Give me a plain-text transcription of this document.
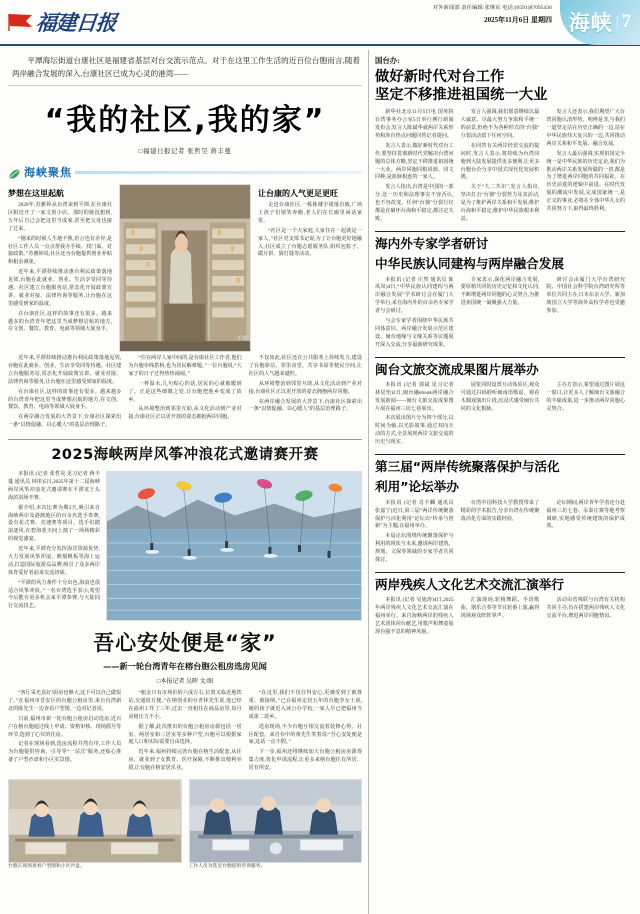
福建日报
对外新闻部 责任编辑:张继东 电话:(0591)87095436
2025年11月6日 星期四 海峡 | 7

平潭海坛街道台康社区是福建省基层对台交流示范点。对于在这里工作生活的近百位台胞而言,随着两岸融合发展的深入,台康社区已成为心灵的港湾——

“我的社区,我的家”
□福建日报记者 张哲昊 蒋丰蔓
海峡聚焦
梦想在这里起航

2020年,苏雅婷从台湾来到平潭,在台康社区附近开了一家文创小店。那时的她没想到,五年后自己会把这里当成家,甚至把父母也接了过来。

“刚来的时候人生地不熟,语言也有差异,是社区工作人员一点点帮我办手续、找门面、对接政策。”苏雅婷说,社区还为台胞提供创业补贴和租金减免。

近年来,平潭持续推动惠台利民政策落地见效,台胞在此就业、创业、生活享受同等待遇。社区建立台胞服务站,常态化开展政策宣讲、就业对接、法律咨询等服务,让台胞在这里感受到家的温度。

在台康社区,这样的故事还有很多。越来越多的台湾青年把这里当成梦想启航的地方,在文创、餐饮、教育、电商等领域大展身手。

平潭
让台康的人气更足更旺

走进台康社区,一栋栋楼宇错落有致,广场上孩子们嬉笑奔跑,老人们在长廊里闲话家常。

“社区是一个大家庭,大家住在一起就是一家人。”社区党支部书记说,为了让台胞更好地融入,社区成立了台胞志愿服务队,组织包粽子、做月饼、猜灯谜等活动。

近年来,平潭持续推动惠台利民政策落地见效,台胞在此就业、创业、生活享受同等待遇。社区建立台胞服务站,常态化开展政策宣讲、就业对接、法律咨询等服务,让台胞在这里感受到家的温度。

在台康社区,这样的故事还有很多。越来越多的台湾青年把这里当成梦想启航的地方,在文创、餐饮、教育、电商等领域大展身手。

在两岸融合发展的大背景下,台康社区探索出一条“以情促融、以心暖人”的基层治理路子。

“住在两岸人家中间的,是台康社区工作者,他们为台胞牵线搭桥,也为居民解难题。”一位台胞说,“大家子的日子过得热热闹闹。”

一杯温水,几句贴心的话,居民的心就被暖到了。正是这些细微之处,让台胞把他乡变成了故乡。

从环境整治到邻里互助,从文化活动到产业对接,台康社区正以更开放的姿态拥抱两岸同胞。

不仅如此,社区还在公共服务上持续发力,建设了台胞驿站、邻里食堂、共享书屋等便民空间,让社区的人气越来越旺。

从环境整治到邻里互助,从文化活动到产业对接,台康社区正以更开放的姿态拥抱两岸同胞。

在两岸融合发展的大背景下,台康社区探索出一条“以情促融、以心暖人”的基层治理路子。

2025海峡两岸风筝冲浪花式邀请赛开赛

本报讯 (记者 张哲昊 见习记者 蒋丰蔓 通讯员 林彤)5日,2025年第十二届海峡两岸风筝冲浪花式邀请赛在平潭龙王头海滨浴场开赛。

据介绍,本次比赛为期3天,吸引来自海峡两岸及港澳地区的百余名选手参赛,设有花式赛、竞速赛等项目。选手们踏浪逐风,在碧海蓝天间上演了一场场精彩的视觉盛宴。

近年来,平潭充分发挥海洋资源优势,大力发展风筝冲浪、帆船帆板等海上运动,打造国际旅游岛品牌,吸引了众多两岸体育爱好者前来交流切磋。

“平潭的风力条件十分出色,海浪也很适合风筝冲浪。”一名台湾选手表示,希望今后能有更多机会来平潭参赛,与大陆同行交流技艺。

吾心安处便是“家”
——新一轮台湾青年在榕台胞公租房选房见闻
□本报记者 吴晖 文/图

“客厅采光真好!厨房也够大,这下可以自己做饭了。”在福州市晋安区的台胞公租房里,来自台湾新北的陈先生一边查看户型图,一边对记者说。

日前,福州市新一轮台胞公租房启动选房,近百户在榕台胞通过线上申请、资格审核、现场摇号等环节,选到了心仪的住房。

记者在现场看到,选房流程井然有序,工作人员为台胞提供咨询、引导等“一站式”服务,还贴心准备了户型沙盘和小区实景图。

“租金只有市场价的六成左右,位置又临近地铁站,交通很方便。”在榕创业的台青林先生说,他已经在福州工作了三年,过去一直租住在商品房里,每月房租压力不小。

据了解,此次推出的台胞公租房房源包括一居室、两居室和三居室等多种户型,台胞可以根据家庭人口和实际需要自由选择。

近年来,福州持续完善台胞在榕生活配套,从住房、就业到子女教育、医疗保障,不断推出便利举措,让台胞在榕安居乐业。

“在这里,我们不仅住得安心,更感受到了被尊重、被接纳。”已在福州定居五年的台胞李女士说,她的孩子就近入读公办学校,一家人早已把福州当成第二故乡。

选房现场,不少台胞互相交流着装修心得、社区配套。来自台中的黄先生笑着说:“吾心安处便是家,这话一点不假。”

下一步,福州还将继续加大台胞公租房房源筹集力度,优化申请流程,让更多来榕台胞住有所居、居有所安。

台胞在现场查看户型图和小区沙盘。	工作人员为选房台胞提供咨询服务。
国台办:
做好新时代对台工作
坚定不移推进祖国统一大业

新华社北京11月5日电 国务院台湾事务办公室5日举行例行新闻发布会,发言人陈斌华就两岸关系形势和涉台热点问题回答记者提问。

发言人表示,做好新时代对台工作,要坚持贯彻新时代党解决台湾问题的总体方略,坚定不移推进祖国统一大业。两岸同胞同根同源、同文同种,是血脉相连的一家人。

发言人指出,台湾是中国的一部分,这一历史和法理事实不容否认,也不容改变。任何“台独”分裂行径都是在破坏台海和平稳定,都注定失败。

发言人强调,我们愿意继续以最大诚意、尽最大努力争取和平统一的前景,但绝不为各种形式的“台独”分裂活动留下任何空间。

在回答有关两岸经贸交流的提问时,发言人表示,将持续为台湾同胞到大陆发展提供更多便利,让更多台胞台企分享中国式现代化发展机遇。

关于“九二共识”,发言人指出,坚决打击“台独”分裂势力及其活动,是为了维护两岸关系和平发展,维护台海和平稳定,维护中华民族根本利益。

发言人还表示,我们期望广大台湾同胞认清形势、明辨是非,与我们一道坚定站在历史正确的一边,站在中华民族伟大复兴的一边,共同推动两岸关系和平发展、融合发展。

发言人最后强调,实现祖国完全统一是中华民族的历史定论,我们为推动两岸关系发展所做的一切,都是为了增进两岸同胞的共同福祉。在历史前进的逻辑中前进、在时代发展的潮流中发展,完成国家统一,是正义的事业,必将在全体中华儿女的共同努力下,取得最终胜利。

海内外专家学者研讨
中华民族认同建构与两岸融合发展

本报讯 (记者 庄然 通讯员 陈凤凤)4日,“中华民族认同建构与两岸融合发展”学术研讨会在厦门大学举行,来自海内外的百余名专家学者与会研讨。

与会专家学者围绕中华民族共同体意识、两岸融合发展示范区建设、闽台地缘与文缘关系等议题展开深入交流,分享最新研究成果。

专家表示,深化两岸融合发展,要厚植共同的历史记忆和文化认同,不断增进两岸同胞的心灵契合,为推进祖国统一凝聚强大力量。

研讨会由厦门大学台湾研究院、中国社会科学院台湾研究所等单位共同主办,日本东京大学、新加坡国立大学等海外高校学者也受邀参加。

闽台文旅交流成果图片展举办

本报讯 (记者 郭斌 见习记者 林星怡)2日,闽台融ebook两岸融合发展新闻——闽台文旅交流成果图片展在福州三坊七巷展出。

本次展出图片分为四个部分,以时间为轴,以光影叙事,通过双向互动的方式,全景展现两岸文旅交流的历史与现实。

展览同时设置互动体验区,观众可通过扫码聆听闽南语歌谣、观看木偶戏演出片段,沉浸式感受闽台共同的文化根脉。

主办方表示,希望通过图片展这一窗口,让更多人了解闽台文旅融合的丰硕成果,进一步推动两岸同胞心灵契合。

第三届“两岸传统聚落保护与活化
利用”论坛举办

本报讯 (记者 肖丰麟 通讯员 张嘉宁)近日,第三届“两岸传统聚落保护与活化利用”论坛以“传承与创新”为主题,在福州举办。

本届论坛围绕传统聚落保护与利用的现状与未来,邀请两岸建筑、规划、文保等领域的专家学者共同探讨。

台湾中国科技大学教授带来了精彩的学术报告,分享台湾在传统聚落活化方面的实践经验。

论坛期间,两岸青年学者还分赴福州三坊七巷、永泰庄寨等地考察调研,实地感受传统建筑的保护成效。

两岸残疾人文化艺术交流汇演举行

本报讯 (记者 吴旭涛)4日,2025年两岸残疾人文化艺术交流汇演在福州举行。来自海峡两岸的残疾人艺术团体同台献艺,用歌声和舞姿展现自强不息的精神风貌。

汇演现场,轮椅舞蹈、手语歌曲、器乐合奏等节目轮番上演,赢得现场观众阵阵掌声。

活动由省残联与台湾有关机构共同主办,旨在搭建两岸残疾人文化交流平台,增进两岸同胞情谊。
